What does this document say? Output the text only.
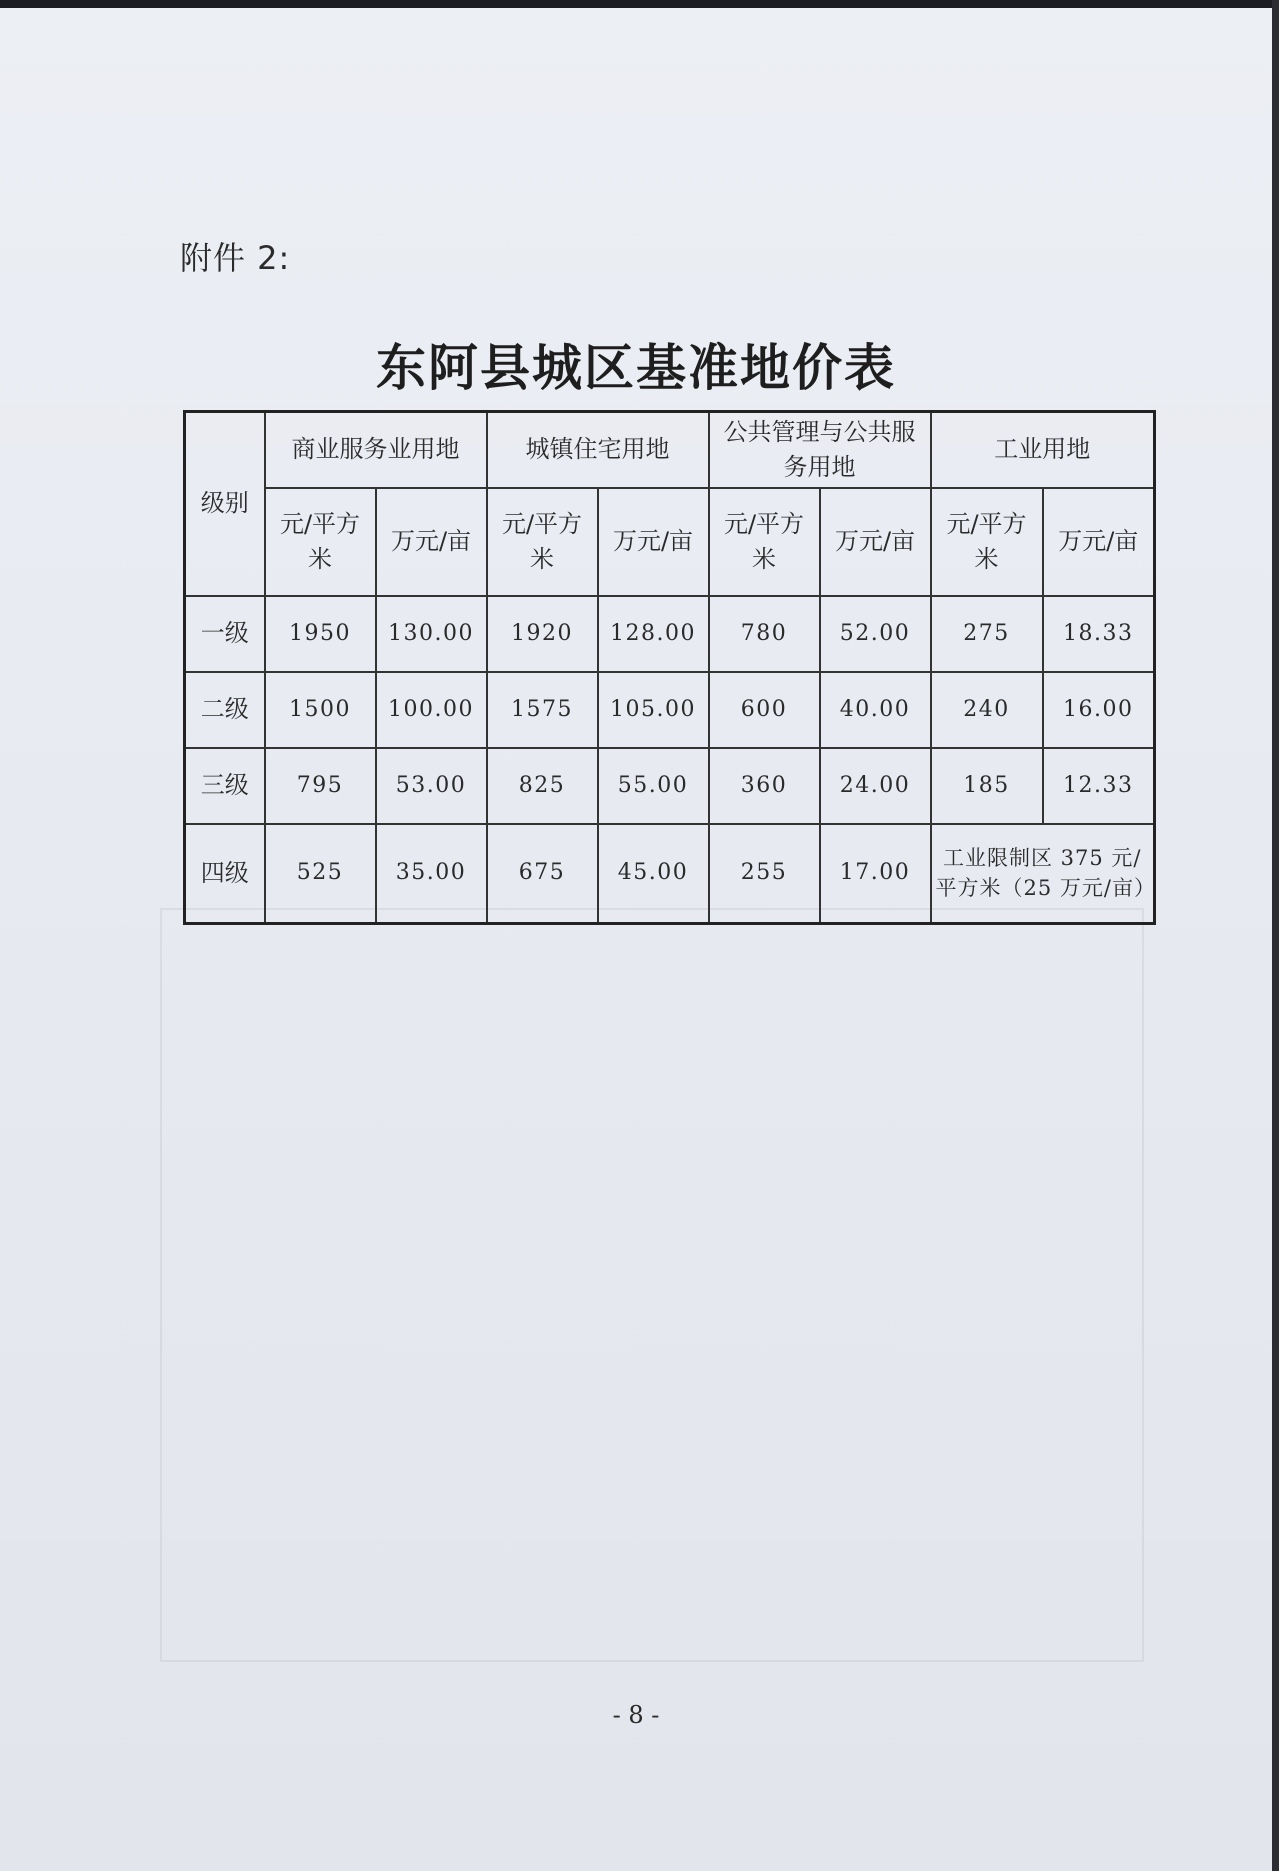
附件 2:
东阿县城区基准地价表
级别	商业服务业用地		城镇住宅用地		公共管理与公共服务用地		工业用地	
	元/平方米	万元/亩	元/平方米	万元/亩	元/平方米	万元/亩	元/平方米	万元/亩
一级	1950	130.00	1920	128.00	780	52.00	275	18.33
二级	1500	100.00	1575	105.00	600	40.00	240	16.00
三级	795	53.00	825	55.00	360	24.00	185	12.33
四级	525	35.00	675	45.00	255	17.00	工业限制区 375 元/平方米（25 万元/亩）	
- 8 -
